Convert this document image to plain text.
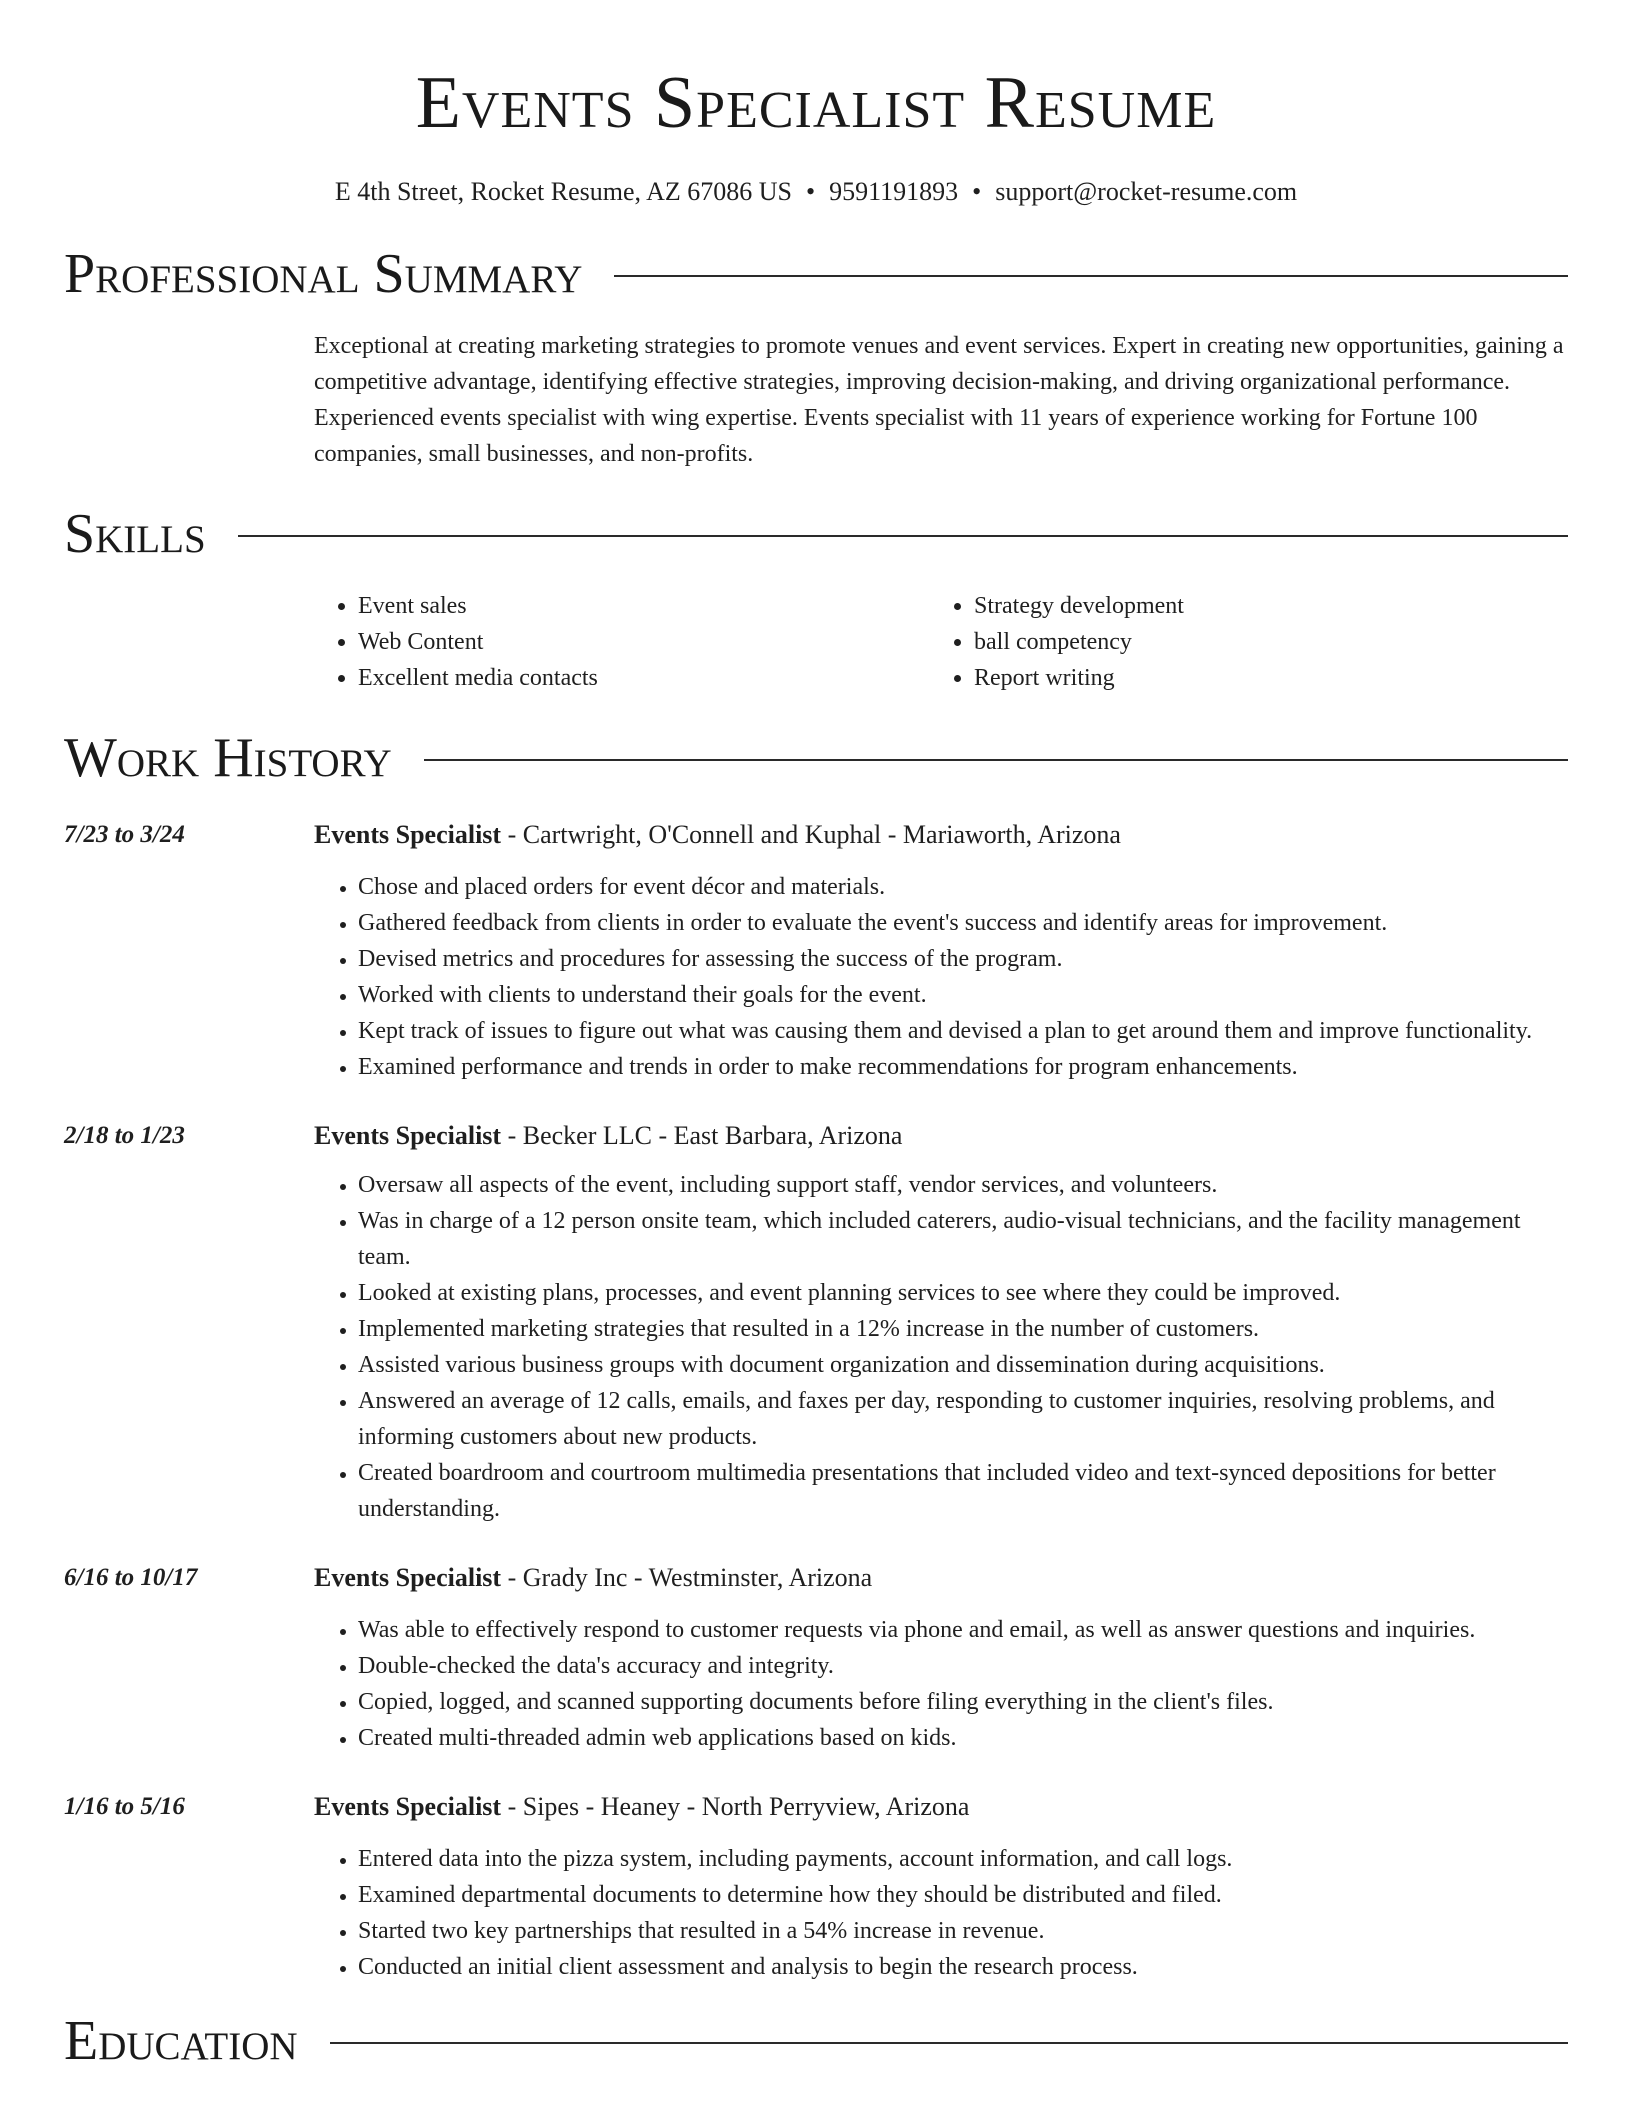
Events Specialist Resume
E 4th Street, Rocket Resume, AZ 67086 US • 9591191893 • support@rocket-resume.com
Professional Summary
Exceptional at creating marketing strategies to promote venues and event services. Expert in creating new opportunities, gaining a competitive advantage, identifying effective strategies, improving decision-making, and driving organizational performance. Experienced events specialist with wing expertise. Events specialist with 11 years of experience working for Fortune 100 companies, small businesses, and non-profits.
Skills
• Event sales
• Web Content
• Excellent media contacts
• Strategy development
• ball competency
• Report writing
Work History
7/23 to 3/24	Events Specialist - Cartwright, O'Connell and Kuphal - Mariaworth, Arizona
• Chose and placed orders for event décor and materials.
• Gathered feedback from clients in order to evaluate the event's success and identify areas for improvement.
• Devised metrics and procedures for assessing the success of the program.
• Worked with clients to understand their goals for the event.
• Kept track of issues to figure out what was causing them and devised a plan to get around them and improve functionality.
• Examined performance and trends in order to make recommendations for program enhancements.
2/18 to 1/23	Events Specialist - Becker LLC - East Barbara, Arizona
• Oversaw all aspects of the event, including support staff, vendor services, and volunteers.
• Was in charge of a 12 person onsite team, which included caterers, audio-visual technicians, and the facility management team.
• Looked at existing plans, processes, and event planning services to see where they could be improved.
• Implemented marketing strategies that resulted in a 12% increase in the number of customers.
• Assisted various business groups with document organization and dissemination during acquisitions.
• Answered an average of 12 calls, emails, and faxes per day, responding to customer inquiries, resolving problems, and informing customers about new products.
• Created boardroom and courtroom multimedia presentations that included video and text-synced depositions for better understanding.
6/16 to 10/17	Events Specialist - Grady Inc - Westminster, Arizona
• Was able to effectively respond to customer requests via phone and email, as well as answer questions and inquiries.
• Double-checked the data's accuracy and integrity.
• Copied, logged, and scanned supporting documents before filing everything in the client's files.
• Created multi-threaded admin web applications based on kids.
1/16 to 5/16	Events Specialist - Sipes - Heaney - North Perryview, Arizona
• Entered data into the pizza system, including payments, account information, and call logs.
• Examined departmental documents to determine how they should be distributed and filed.
• Started two key partnerships that resulted in a 54% increase in revenue.
• Conducted an initial client assessment and analysis to begin the research process.
Education
